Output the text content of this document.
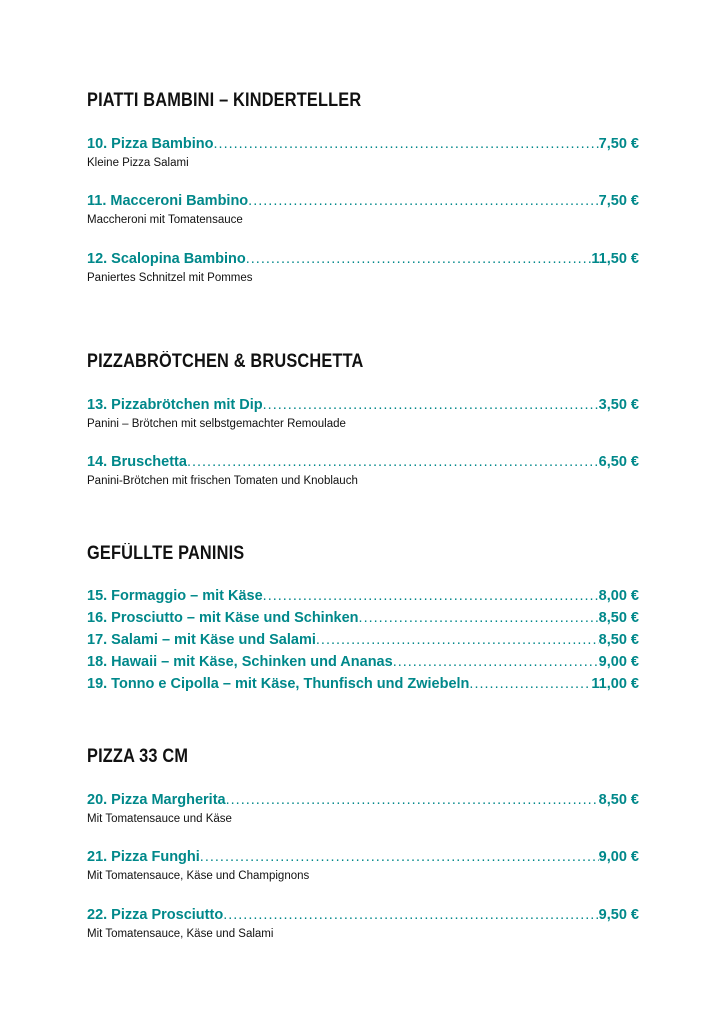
PIATTI BAMBINI – KINDERTELLER
10. Pizza Bambino .....	7,50 €
Kleine Pizza Salami
11. Macceroni Bambino .....	7,50 €
Maccheroni mit Tomatensauce
12. Scalopina Bambino .....	11,50 €
Paniertes Schnitzel mit Pommes
PIZZABRÖTCHEN & BRUSCHETTA
13. Pizzabrötchen mit Dip .....	3,50 €
Panini – Brötchen mit selbstgemachter Remoulade
14. Bruschetta .....	6,50 €
Panini-Brötchen mit frischen Tomaten und Knoblauch
GEFÜLLTE PANINIS
15. Formaggio – mit Käse .....	8,00 €
16. Prosciutto – mit Käse und Schinken .....	8,50 €
17. Salami – mit Käse und Salami .....	8,50 €
18. Hawaii – mit Käse, Schinken und Ananas .....	9,00 €
19. Tonno e Cipolla – mit Käse, Thunfisch und Zwiebeln .....	11,00 €
PIZZA 33 CM
20. Pizza Margherita .....	8,50 €
Mit Tomatensauce und Käse
21. Pizza Funghi .....	9,00 €
Mit Tomatensauce, Käse und Champignons
22. Pizza Prosciutto .....	9,50 €
Mit Tomatensauce, Käse und Salami
